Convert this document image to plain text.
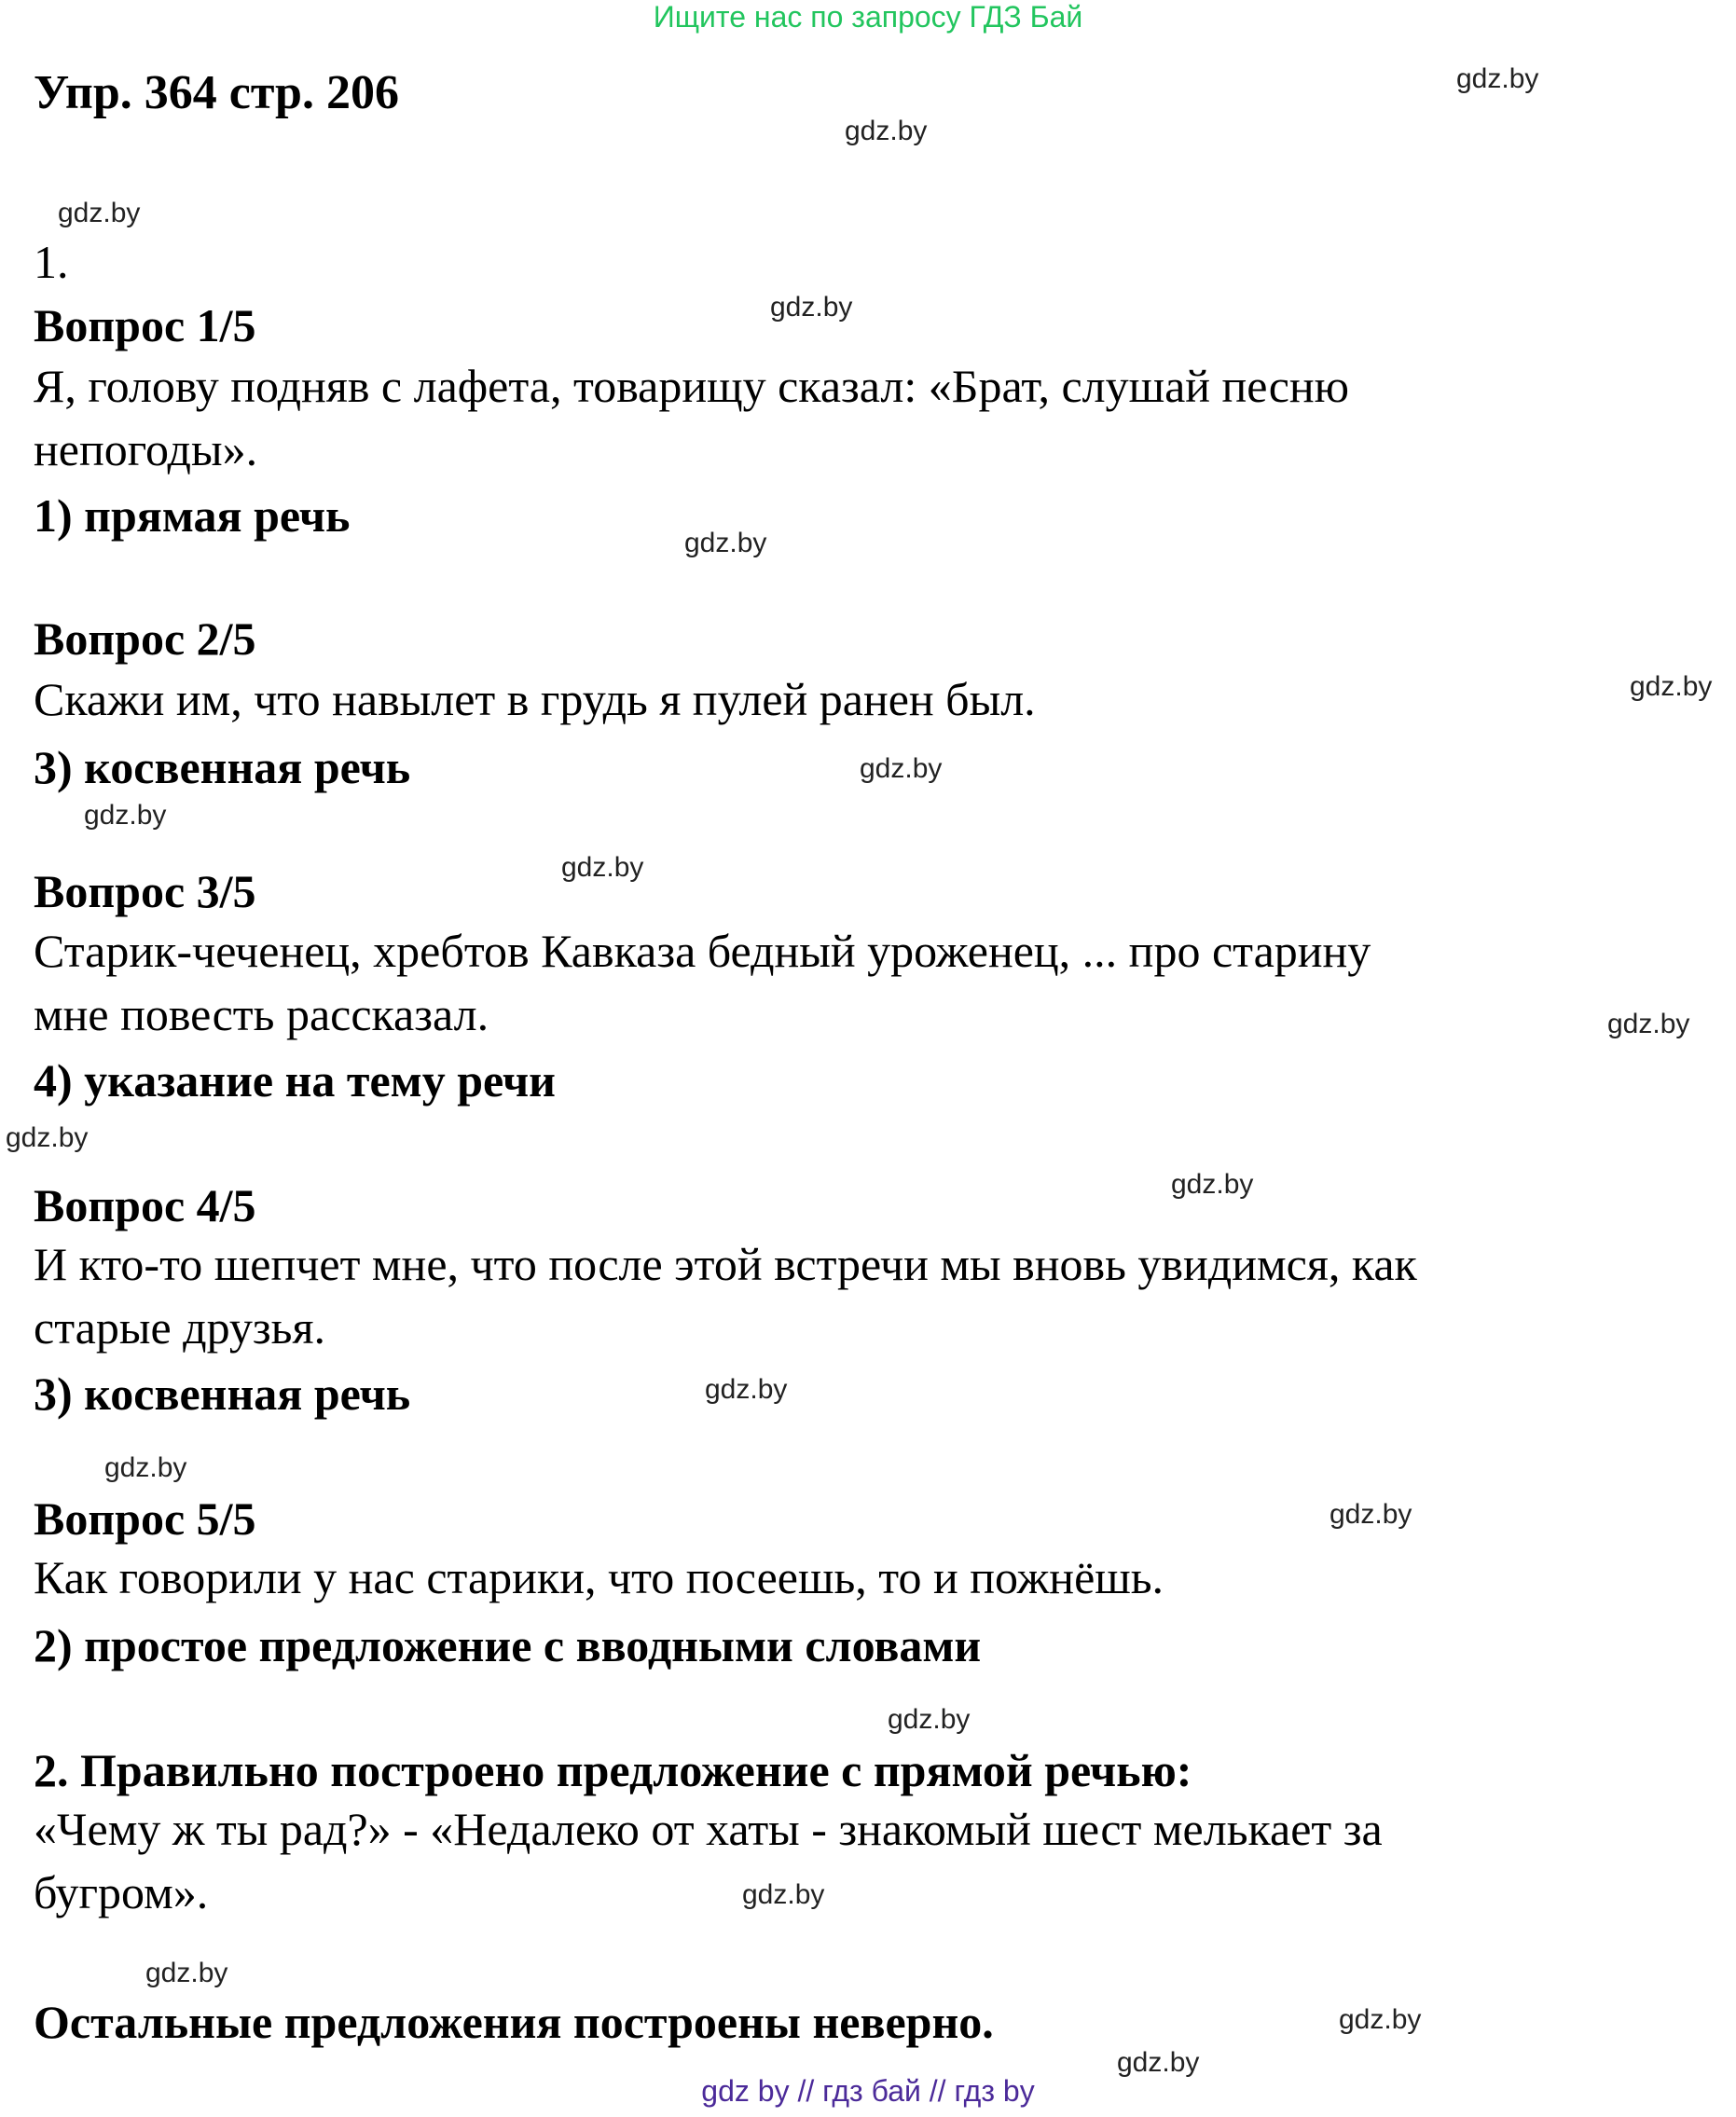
Ищите нас по запросу ГДЗ Бай
Упр. 364 стр. 206
1.
Вопрос 1/5
Я, голову подняв с лафета, товарищу сказал: «Брат, слушай песню
непогоды».
1) прямая речь
Вопрос 2/5
Скажи им, что навылет в грудь я пулей ранен был.
3) косвенная речь
Вопрос 3/5
Старик-чеченец, хребтов Кавказа бедный уроженец, ... про старину
мне повесть рассказал.
4) указание на тему речи
Вопрос 4/5
И кто-то шепчет мне, что после этой встречи мы вновь увидимся, как
старые друзья.
3) косвенная речь
Вопрос 5/5
Как говорили у нас старики, что посеешь, то и пожнёшь.
2) простое предложение с вводными словами
2. Правильно построено предложение с прямой речью:
«Чему ж ты рад?» - «Недалеко от хаты - знакомый шест мелькает за
бугром».
Остальные предложения построены неверно.
gdz.by
gdz.by
gdz.by
gdz.by
gdz.by
gdz.by
gdz.by
gdz.by
gdz.by
gdz.by
gdz.by
gdz.by
gdz.by
gdz.by
gdz.by
gdz.by
gdz.by
gdz.by
gdz.by
gdz.by
gdz by // гдз бай // гдз by
